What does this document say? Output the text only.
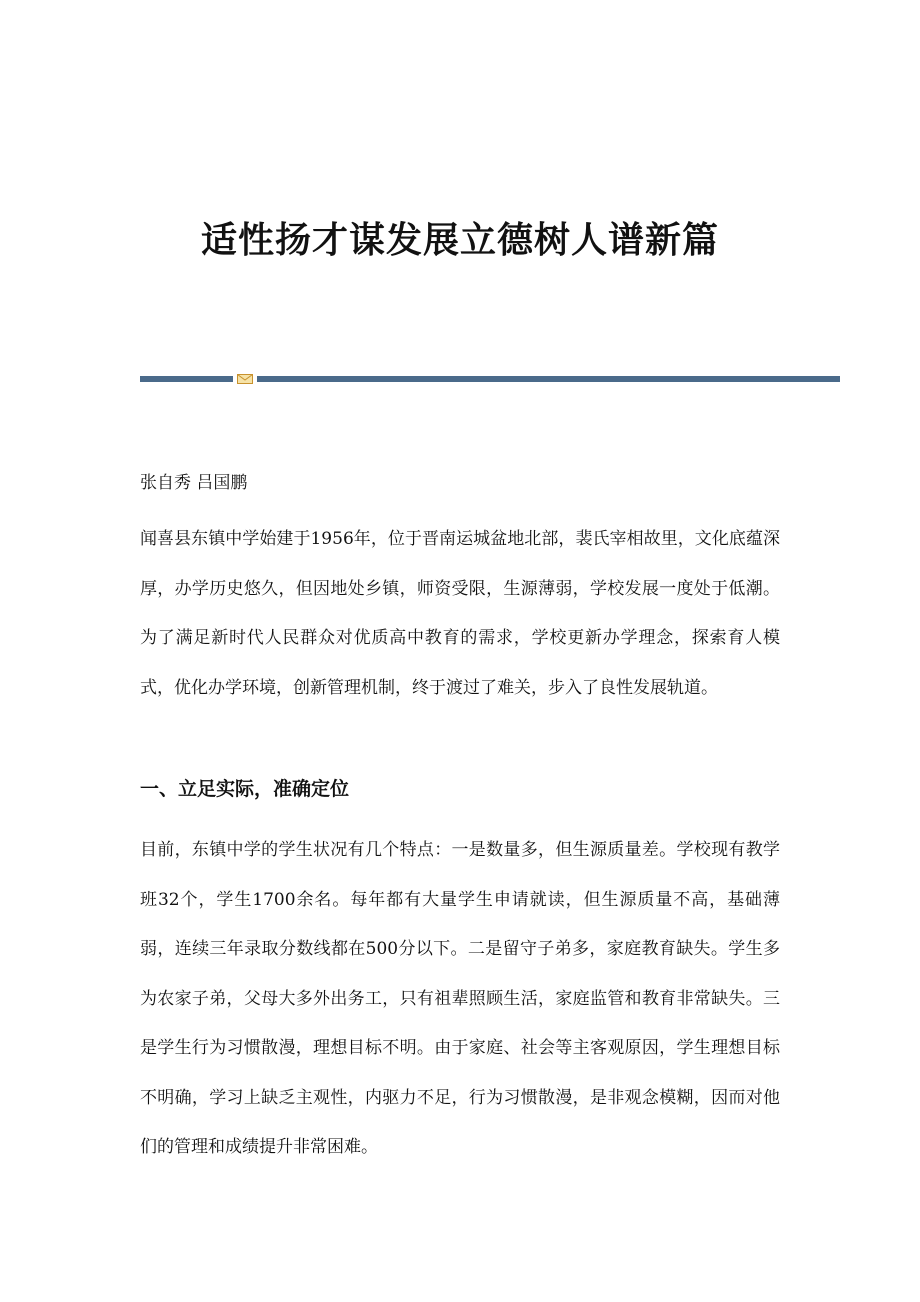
适性扬才谋发展立德树人谱新篇

张自秀 吕国鹏

闻喜县东镇中学始建于1956年，位于晋南运城盆地北部，裴氏宰相故里，文化底蕴深厚，办学历史悠久，但因地处乡镇，师资受限，生源薄弱，学校发展一度处于低潮。为了满足新时代人民群众对优质高中教育的需求，学校更新办学理念，探索育人模式，优化办学环境，创新管理机制，终于渡过了难关，步入了良性发展轨道。

一、立足实际，准确定位

目前，东镇中学的学生状况有几个特点：一是数量多，但生源质量差。学校现有教学班32个，学生1700余名。每年都有大量学生申请就读，但生源质量不高，基础薄弱，连续三年录取分数线都在500分以下。二是留守子弟多，家庭教育缺失。学生多为农家子弟，父母大多外出务工，只有祖辈照顾生活，家庭监管和教育非常缺失。三是学生行为习惯散漫，理想目标不明。由于家庭、社会等主客观原因，学生理想目标不明确，学习上缺乏主观性，内驱力不足，行为习惯散漫，是非观念模糊，因而对他们的管理和成绩提升非常困难。
